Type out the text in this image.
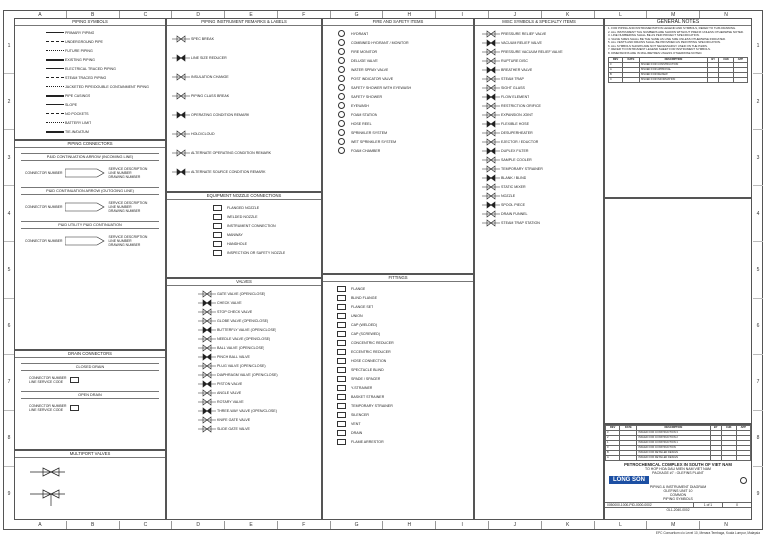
A	B	C	D	E	F	G	H	I	J	K	L	M	N
A	B	C	D	E	F	G	H	I	J	K	L	M	N
1
2
3
4
5
6
7
8
9
1
2
3
4
5
6
7
8
9
PIPING SYMBOLS
PRIMARY PIPING
UNDERGROUND PIPE
FUTURE PIPING
EXISTING PIPING
ELECTRICAL TRACED PIPING
STEAM TRACED PIPING
JACKETED PIPE/DOUBLE CONTAINMENT PIPING
PIPE CASINGS
SLOPE
NO POCKETS
BATTERY LIMIT
TIE-IN/DATUM
PIPING CONNECTORS
P&ID CONTINUATION ARROW (INCOMING LINE)
CONNECTOR NUMBER
SERVICE DESCRIPTION
LINE NUMBER
DRAWING NUMBER
P&ID CONTINUATION ARROW (OUTGOING LINE)
CONNECTOR NUMBER
SERVICE DESCRIPTION
LINE NUMBER
DRAWING NUMBER
P&ID UTILITY P&ID CONTINUATION
CONNECTOR NUMBER
SERVICE DESCRIPTION
LINE NUMBER
DRAWING NUMBER
DRAIN CONNECTORS
CLOSED DRAIN
CONNECTOR NUMBER
LINE SERVICE CODE
OPEN DRAIN
CONNECTOR NUMBER
LINE SERVICE CODE
MULTIPORT VALVES
PIPING INSTRUMENT REMARKS & LABELS
SPEC BREAK
LINE SIZE REDUCER
INSULATION CHANGE
PIPING CLASS BREAK
OPERATING CONDITION REMARK
HOLD/CLOUD
ALTERNATE OPERATING CONDITION REMARK
ALTERNATE SOURCE CONDITION REMARK
EQUIPMENT NOZZLE CONNECTIONS
FLANGED NOZZLE
WELDED NOZZLE
INSTRUMENT CONNECTION
MANWAY
HANDHOLE
INSPECTION OR SAFETY NOZZLE
VALVES
GATE VALVE (OPEN/CLOSE)
CHECK VALVE
STOP CHECK VALVE
GLOBE VALVE (OPEN/CLOSE)
BUTTERFLY VALVE (OPEN/CLOSE)
NEEDLE VALVE (OPEN/CLOSE)
BALL VALVE (OPEN/CLOSE)
PINCH BALL VALVE
PLUG VALVE (OPEN/CLOSE)
DIAPHRAGM VALVE (OPEN/CLOSE)
PISTON VALVE
ANGLE VALVE
ROTARY VALVE
THREE-WAY VALVE (OPEN/CLOSE)
KNIFE GATE VALVE
SLIDE GATE VALVE
FIRE AND SAFETY ITEMS
HYDRANT
COMBINED HYDRANT / MONITOR
FIRE MONITOR
DELUGE VALVE
WATER SPRAY VALVE
POST INDICATOR VALVE
SAFETY SHOWER WITH EYEWASH
SAFETY SHOWER
EYEWASH
FOAM STATION
HOSE REEL
SPRINKLER SYSTEM
WET SPRINKLER SYSTEM
FOAM CHAMBER
FITTINGS
FLANGE
BLIND FLANGE
FLANGE SET
UNION
CAP (WELDED)
CAP (SCREWED)
CONCENTRIC REDUCER
ECCENTRIC REDUCER
HOSE CONNECTION
SPECTACLE BLIND
SPADE / SPACER
Y-STRAINER
BASKET STRAINER
TEMPORARY STRAINER
SILENCER
VENT
DRAIN
FLAME ARRESTOR
MISC SYMBOLS & SPECIALTY ITEMS
PRESSURE RELIEF VALVE
VACUUM RELIEF VALVE
PRESSURE VACUUM RELIEF VALVE
RUPTURE DISC
BREATHER VALVE
STEAM TRAP
SIGHT GLASS
FLOW ELEMENT
RESTRICTION ORIFICE
EXPANSION JOINT
FLEXIBLE HOSE
DESUPERHEATER
EJECTOR / EDUCTOR
DUPLEX FILTER
SAMPLE COOLER
TEMPORARY STRAINER
BLANK / BLIND
STATIC MIXER
NOZZLE
SPOOL PIECE
DRAIN FUNNEL
STEAM TRAP STATION
GENERAL NOTES
1. FOR PIPING AND INSTRUMENTATION LEGEND AND SYMBOLS, REFER TO THIS DRAWING.
2. ALL INSTRUMENT TAG NUMBERS ARE SHOWN WITHOUT PREFIX UNLESS OTHERWISE NOTED.
3. LINE NUMBERING SHALL BE AS PER PROJECT SPECIFICATION.
4. VALVE SIZES SHALL BE THE SAME AS LINE SIZE UNLESS OTHERWISE INDICATED.
5. ALL VENTS AND DRAINS SHALL BE PROVIDED AS PER PIPING SPECIFICATION.
6. ALL SYMBOLS SHOWN ARE NOT NECESSARILY USED ON THE P&IDS.
7. REFER TO INSTRUMENT LEGEND SHEET FOR INSTRUMENT SYMBOLS.
8. DIMENSIONS ARE IN MILLIMETRES UNLESS OTHERWISE NOTED.
REV	DATE	DESCRIPTION	BY	CHK	APP
0		ISSUED FOR CONSTRUCTION			
A		ISSUED FOR APPROVAL			
B		ISSUED FOR REVIEW			
C		ISSUED FOR INFORMATION			
REV	DATE	DESCRIPTION	BY	CHK	APP
3		ISSUED FOR CONSTRUCTION 3			
2		ISSUED FOR CONSTRUCTION 2			
1		ISSUED FOR CONSTRUCTION 1			
0		ISSUED FOR CONSTRUCTION			
B		ISSUED FOR DETAILED DESIGN			
A		ISSUED FOR DETAILED DESIGN			
PETROCHEMICAL COMPLEX IN SOUTH OF VIET NAM
TO HOP HOA DAU MIEN NAM VIET NAM
PACKAGE #7 : OLEFINS PLANT
LONG SON
PIPING & INSTRUMENT DIAGRAM
OLEFINS UNIT 10
COMMON
PIPING SYMBOLS
0050000-1000-PID-0000-0002	1 of 1	0
OL1-2040-0002
EPC Consortium c/o Level 10, Menara Tembaga, Kuala Lumpur, Malaysia
